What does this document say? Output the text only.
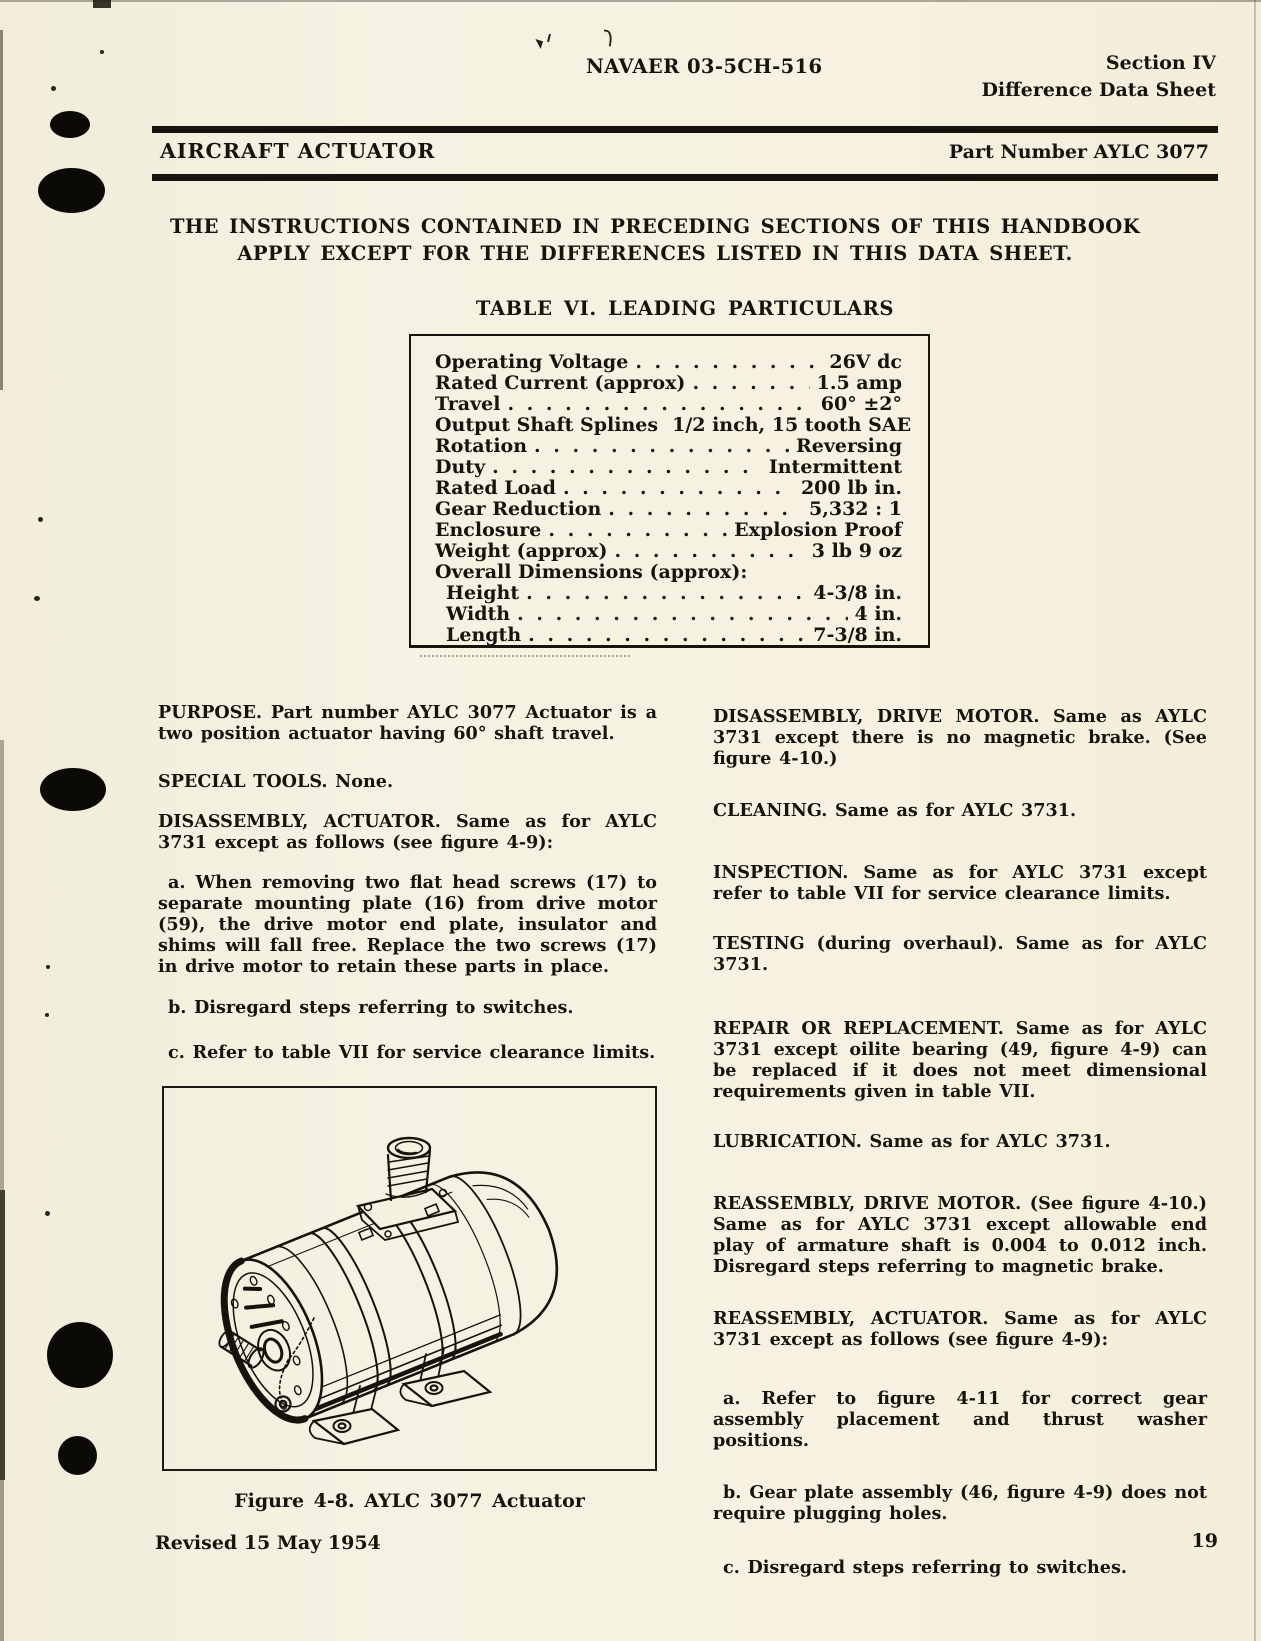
NAVAER 03-5CH-516	Section IV
Difference Data Sheet
AIRCRAFT ACTUATOR	Part Number AYLC 3077
THE INSTRUCTIONS CONTAINED IN PRECEDING SECTIONS OF THIS HANDBOOK
APPLY EXCEPT FOR THE DIFFERENCES LISTED IN THIS DATA SHEET.
TABLE VI. LEADING PARTICULARS
Operating Voltage . . .	26V dc
Rated Current (approx) . . .	1.5 amp
Travel . . .	60° ±2°
Output Shaft Splines 1/2 inch, 15 tooth SAE
Rotation . . .	Reversing
Duty . . .	Intermittent
Rated Load . . .	200 lb in.
Gear Reduction . . .	5,332 : 1
Enclosure . . .	Explosion Proof
Weight (approx) . . .	3 lb 9 oz
Overall Dimensions (approx):
Height . . .	4-3/8 in.
Width . . .	4 in.
Length . . .	7-3/8 in.
PURPOSE. Part number AYLC 3077 Actuator is a two position actuator having 60° shaft travel.
SPECIAL TOOLS. None.
DISASSEMBLY, ACTUATOR. Same as for AYLC 3731 except as follows (see figure 4-9):
a. When removing two flat head screws (17) to separate mounting plate (16) from drive motor (59), the drive motor end plate, insulator and shims will fall free. Replace the two screws (17) in drive motor to retain these parts in place.
b. Disregard steps referring to switches.
c. Refer to table VII for service clearance limits.
DISASSEMBLY, DRIVE MOTOR. Same as AYLC 3731 except there is no magnetic brake. (See figure 4-10.)
CLEANING. Same as for AYLC 3731.
INSPECTION. Same as for AYLC 3731 except refer to table VII for service clearance limits.
TESTING (during overhaul). Same as for AYLC 3731.
REPAIR OR REPLACEMENT. Same as for AYLC 3731 except oilite bearing (49, figure 4-9) can be replaced if it does not meet dimensional requirements given in table VII.
LUBRICATION. Same as for AYLC 3731.
REASSEMBLY, DRIVE MOTOR. (See figure 4-10.) Same as for AYLC 3731 except allowable end play of armature shaft is 0.004 to 0.012 inch. Disregard steps referring to magnetic brake.
REASSEMBLY, ACTUATOR. Same as for AYLC 3731 except as follows (see figure 4-9):
a. Refer to figure 4-11 for correct gear assembly placement and thrust washer positions.
b. Gear plate assembly (46, figure 4-9) does not require plugging holes.
c. Disregard steps referring to switches.
Figure 4-8. AYLC 3077 Actuator
Revised 15 May 1954	19
